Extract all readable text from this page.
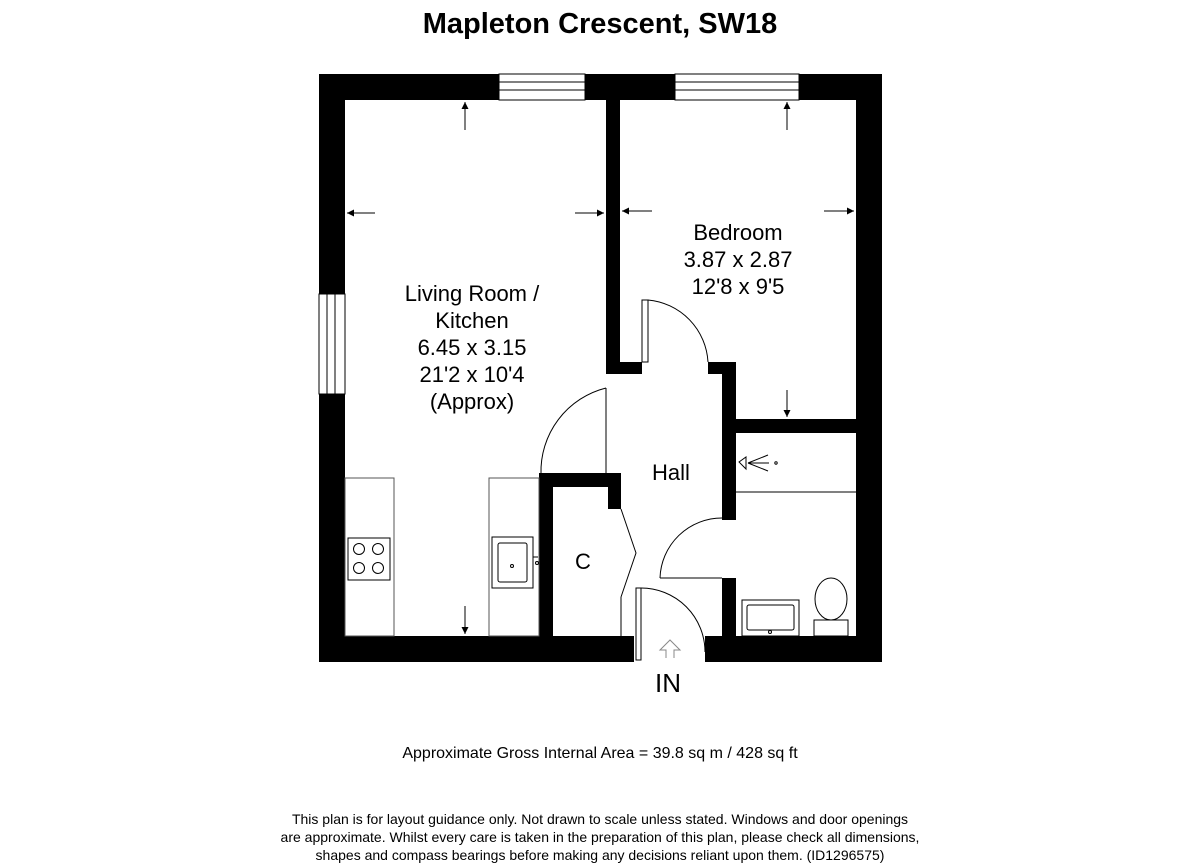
Mapleton Crescent, SW18
Living Room /
Kitchen
6.45 x 3.15
21'2 x 10'4
(Approx)
Bedroom
3.87 x 2.87
12'8 x 9'5
Hall
C
IN
Approximate Gross Internal Area = 39.8 sq m / 428 sq ft
This plan is for layout guidance only. Not drawn to scale unless stated. Windows and door openings
are approximate. Whilst every care is taken in the preparation of this plan, please check all dimensions,
shapes and compass bearings before making any decisions reliant upon them. (ID1296575)
